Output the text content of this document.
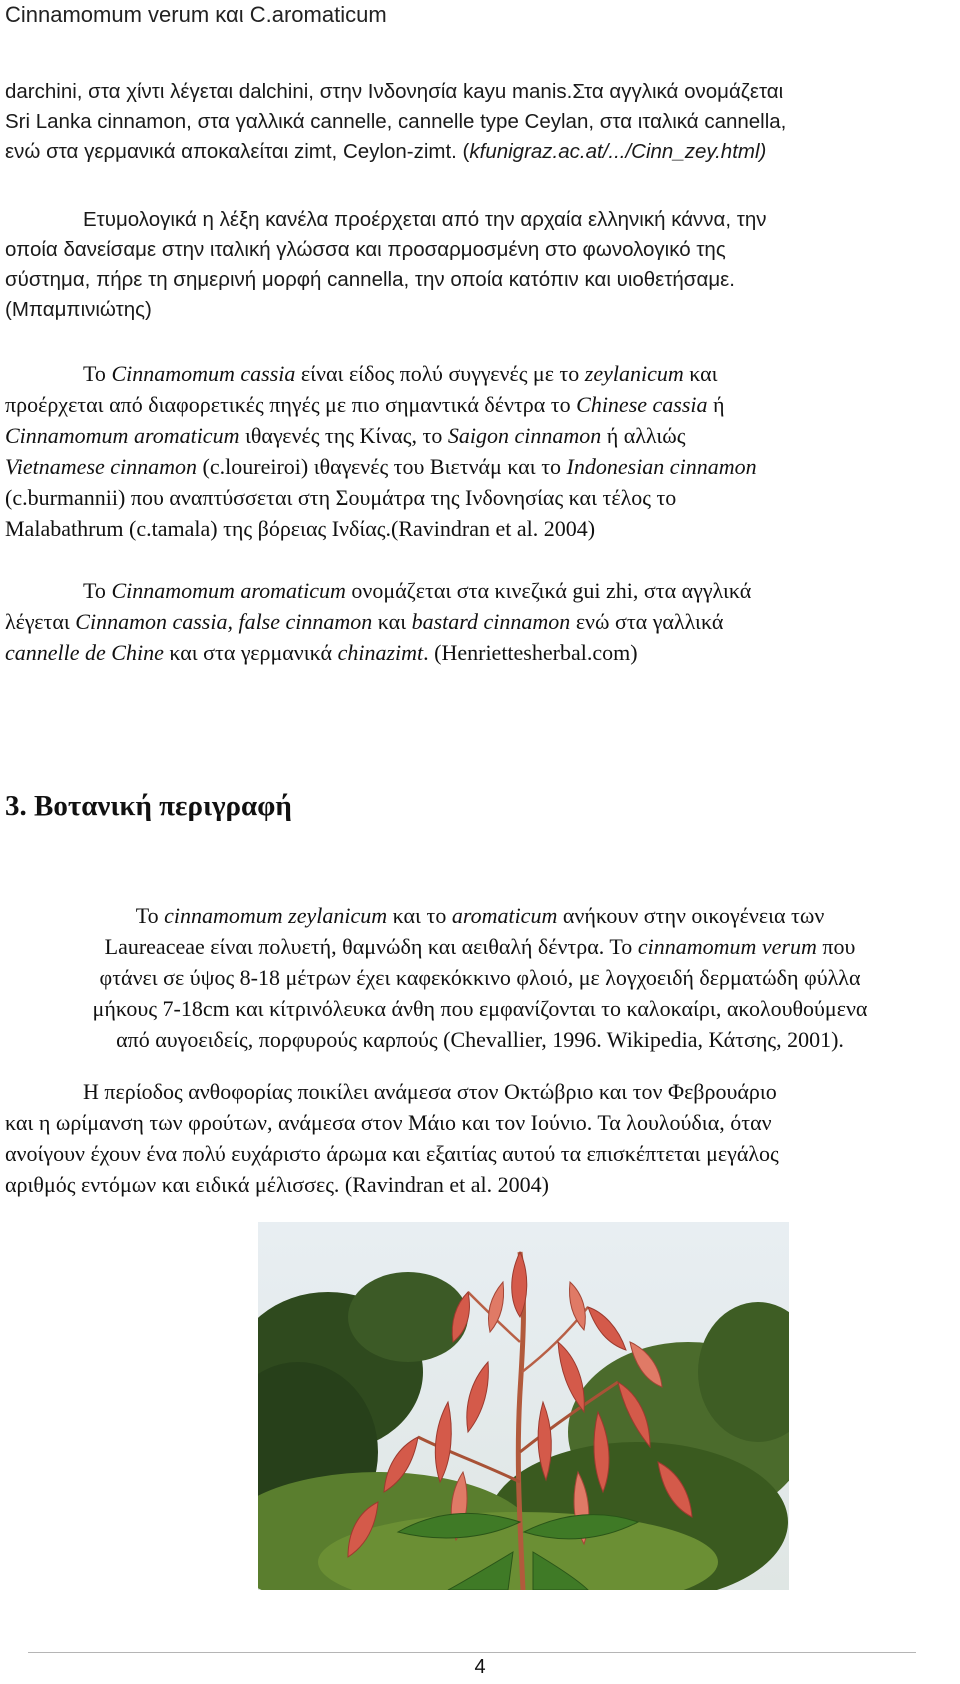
Cinnamomum verum και C.aromaticum
darchini, στα χίντι λέγεται dalchini, στην Ινδονησία kayu manis.Στα αγγλικά ονομάζεται
Sri Lanka cinnamon, στα γαλλικά cannelle, cannelle type Ceylan, στα ιταλικά cannella,
ενώ στα γερμανικά αποκαλείται zimt, Ceylon-zimt. (kfunigraz.ac.at/.../Cinn_zey.html)
Ετυμολογικά η λέξη κανέλα προέρχεται από την αρχαία ελληνική κάννα, την
οποία δανείσαμε στην ιταλική γλώσσα και προσαρμοσμένη στο φωνολογικό της
σύστημα, πήρε τη σημερινή μορφή cannella, την οποία κατόπιν και υιοθετήσαμε.
(Μπαμπινιώτης)
Το Cinnamomum cassia είναι είδος πολύ συγγενές με το zeylanicum και
προέρχεται από διαφορετικές πηγές με πιο σημαντικά δέντρα το Chinese cassia ή
Cinnamomum aromaticum ιθαγενές της Κίνας, το Saigon cinnamon ή αλλιώς
Vietnamese cinnamon (c.loureiroi) ιθαγενές του Βιετνάμ και το Indonesian cinnamon
(c.burmannii) που αναπτύσσεται στη Σουμάτρα της Ινδονησίας και τέλος το
Malabathrum (c.tamala) της βόρειας Ινδίας.(Ravindran et al. 2004)
Το Cinnamomum aromaticum ονομάζεται στα κινεζικά gui zhi, στα αγγλικά
λέγεται Cinnamon cassia, false cinnamon και bastard cinnamon ενώ στα γαλλικά
cannelle de Chine και στα γερμανικά chinazimt. (Henriettesherbal.com)
3. Βοτανική περιγραφή
Το cinnamomum zeylanicum και το aromaticum ανήκουν στην οικογένεια των
Laureaceae είναι πολυετή, θαμνώδη και αειθαλή δέντρα. Το cinnamomum verum που
φτάνει σε ύψος 8-18 μέτρων έχει καφεκόκκινο φλοιό, με λογχοειδή δερματώδη φύλλα
μήκους 7-18cm και κίτρινόλευκα άνθη που εμφανίζονται το καλοκαίρι, ακολουθούμενα
από αυγοειδείς, πορφυρούς καρπούς (Chevallier, 1996. Wikipedia, Κάτσης, 2001).
Η περίοδος ανθοφορίας ποικίλει ανάμεσα στον Οκτώβριο και τον Φεβρουάριο
και η ωρίμανση των φρούτων, ανάμεσα στον Μάιο και τον Ιούνιο. Τα λουλούδια, όταν
ανοίγουν έχουν ένα πολύ ευχάριστο άρωμα και εξαιτίας αυτού τα επισκέπτεται μεγάλος
αριθμός εντόμων και ειδικά μέλισσες. (Ravindran et al. 2004)
4
